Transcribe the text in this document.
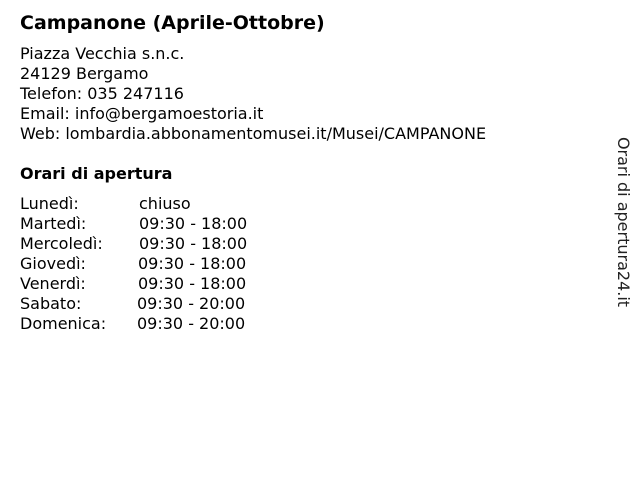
Campanone (Aprile-Ottobre)
Piazza Vecchia s.n.c.
24129 Bergamo
Telefon: 035 247116
Email: info@bergamoestoria.it
Web: lombardia.abbonamentomusei.it/Musei/CAMPANONE
Orari di apertura
Lunedì:	chiuso
Martedì:	09:30 - 18:00
Mercoledì: 09:30 - 18:00
Giovedì:	09:30 - 18:00
Venerdì:	09:30 - 18:00
Sabato:	09:30 - 20:00
Domenica: 09:30 - 20:00
Orari di apertura24.it
